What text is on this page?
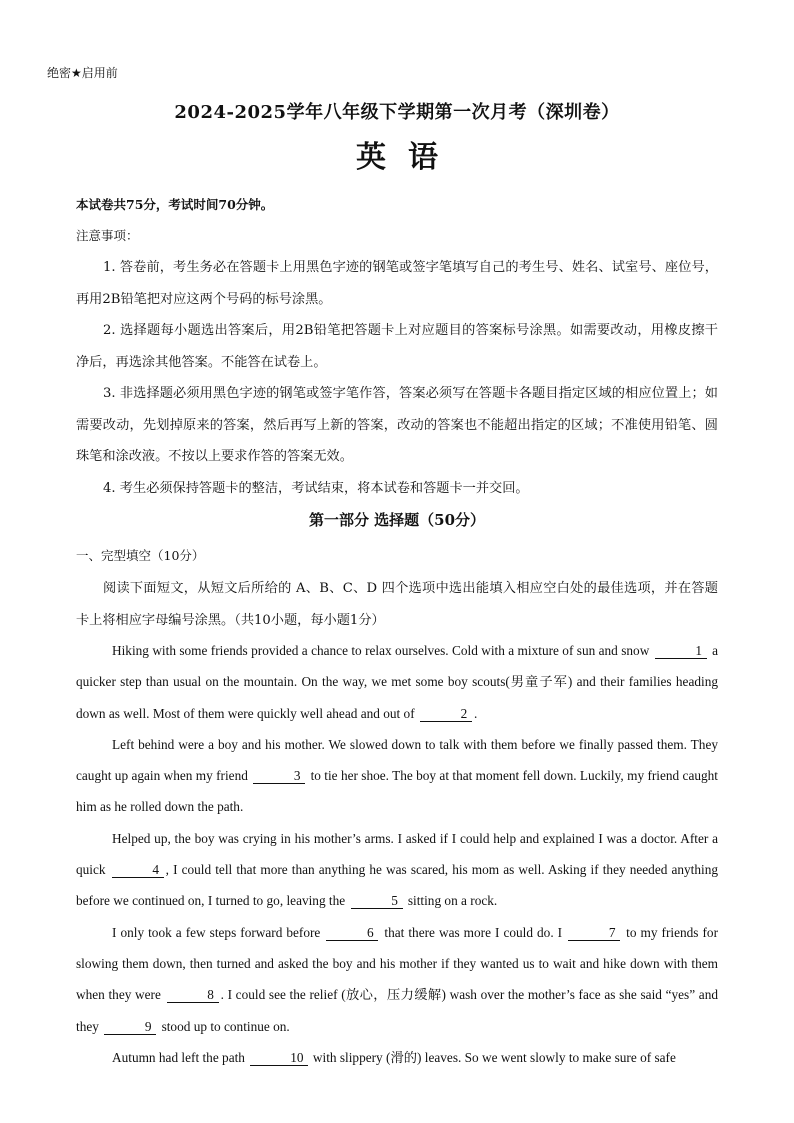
绝密★启用前
2024-2025学年八年级下学期第一次月考（深圳卷）
英语
本试卷共75分，考试时间70分钟。
注意事项：

1. 答卷前，考生务必在答题卡上用黑色字迹的钢笔或签字笔填写自己的考生号、姓名、试室号、座位号，再用2B铅笔把对应这两个号码的标号涂黑。

2. 选择题每小题选出答案后，用2B铅笔把答题卡上对应题目的答案标号涂黑。如需要改动，用橡皮擦干净后，再选涂其他答案。不能答在试卷上。

3. 非选择题必须用黑色字迹的钢笔或签字笔作答，答案必须写在答题卡各题目指定区域的相应位置上；如需要改动，先划掉原来的答案，然后再写上新的答案，改动的答案也不能超出指定的区域；不准使用铅笔、圆珠笔和涂改液。不按以上要求作答的答案无效。

4. 考生必须保持答题卡的整洁，考试结束，将本试卷和答题卡一并交回。

第一部分 选择题（50分）
一、完型填空（10分）

阅读下面短文，从短文后所给的 A、B、C、D 四个选项中选出能填入相应空白处的最佳选项，并在答题卡上将相应字母编号涂黑。（共10小题，每小题1分）

Hiking with some friends provided a chance to relax ourselves. Cold with a mixture of sun and snow	1 a quicker step than usual on the mountain. On the way, we met some boy scouts(男童子军) and their families heading down as well. Most of them were quickly well ahead and out of	2 .

Left behind were a boy and his mother. We slowed down to talk with them before we finally passed them. They caught up again when my friend	3 to tie her shoe. The boy at that moment fell down. Luckily, my friend caught him as he rolled down the path.

Helped up, the boy was crying in his mother’s arms. I asked if I could help and explained I was a doctor. After a quick	4 , I could tell that more than anything he was scared, his mom as well. Asking if they needed anything before we continued on, I turned to go, leaving the	5 sitting on a rock.

I only took a few steps forward before	6 that there was more I could do. I	7 to my friends for slowing them down, then turned and asked the boy and his mother if they wanted us to wait and hike down with them when they were	8 . I could see the relief (放心，压力缓解) wash over the mother’s face as she said “yes” and they	9 stood up to continue on.

Autumn had left the path	10 with slippery (滑的) leaves. So we went slowly to make sure of safe
